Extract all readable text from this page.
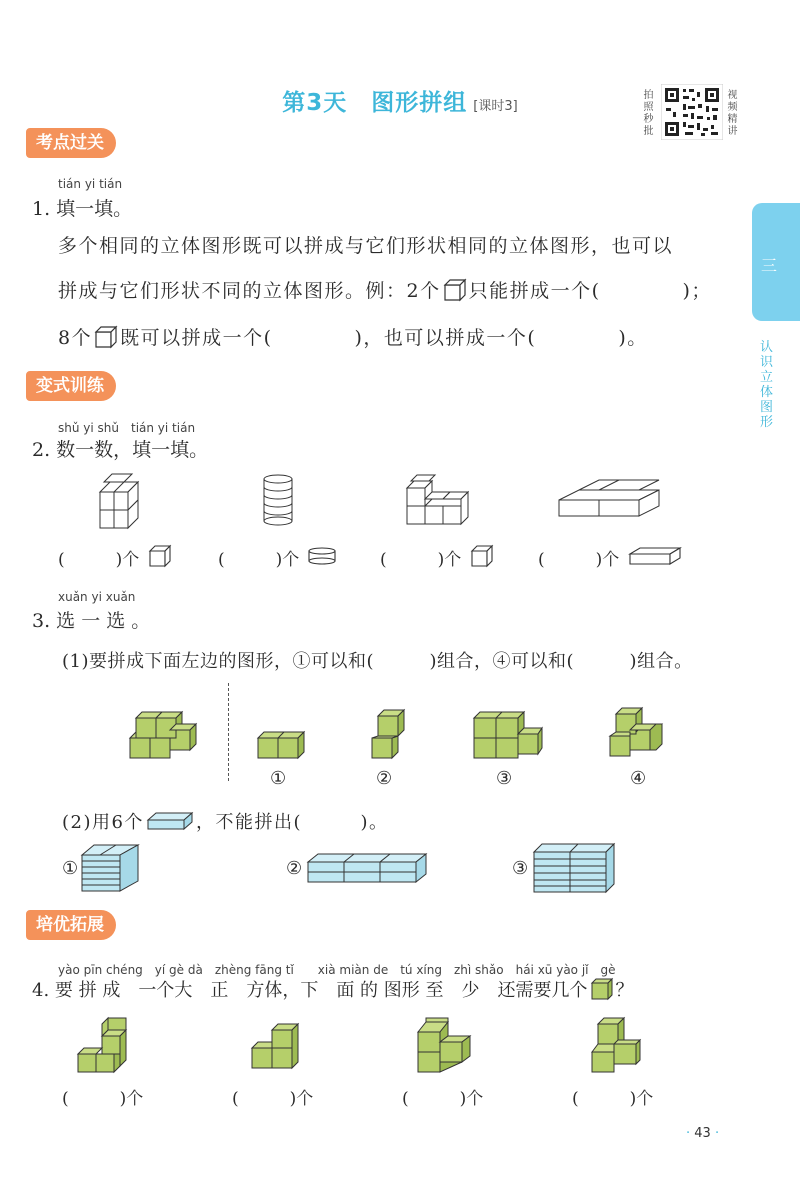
第3天　图形拼组 [课时3]
拍照秒批
视频精讲
三
认识立体图形
考点过关
tián yi tián
1. 填一填。
多个相同的立体图形既可以拼成与它们形状相同的立体图形，也可以
拼成与它们形状不同的立体图形。例：2个 只能拼成一个(　　　　)；
8个 既可以拼成一个(　　　　)，也可以拼成一个(　　　　)。
变式训练
shǔ yi shǔ　tián yi tián
2. 数一数，填一填。
(　　　)个	(　　　)个	(　　　)个	(　　　)个
xuǎn yi xuǎn
3. 选 一 选 。
(1)要拼成下面左边的图形，①可以和(　　　)组合，④可以和(　　　)组合。
①	②	③	④
(2)用6个	，不能拼出(　　　)。
①	②	③
培优拓展
yào pīn chéng　yí gè dà　zhèng fāng tǐ　　xià miàn de　tú xíng　zhì shǎo　hái xū yào jǐ　gè
4. 要 拼 成　一个大　正　方体，下　面 的 图形 至　少　还需要几个 ？
(　　　)个	(　　　)个	(　　　)个	(　　　)个
· 43 ·
